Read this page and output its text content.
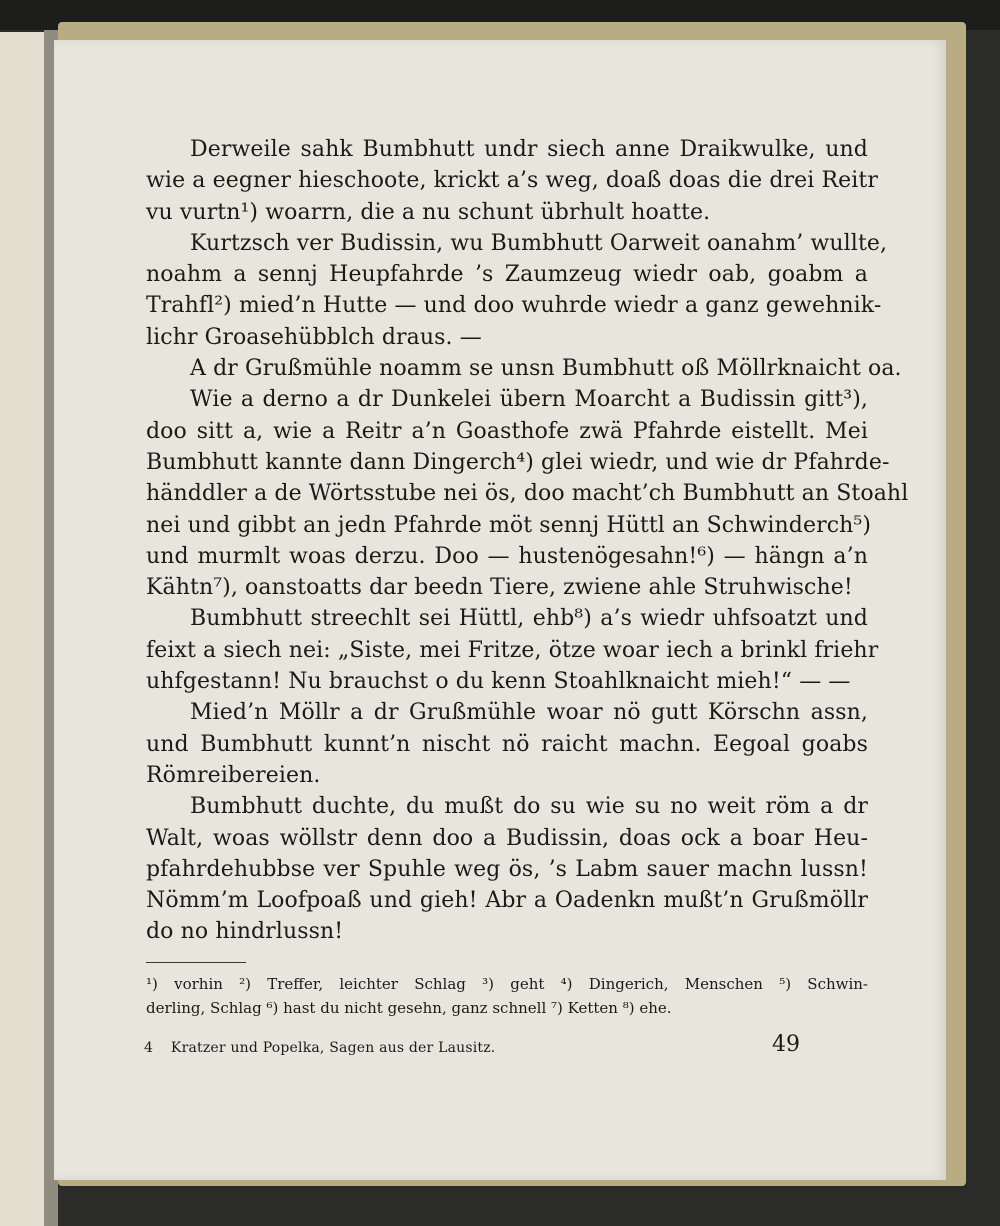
Derweile sahk Bumbhutt undr siech anne Draikwulke, und
wie a eegner hieschoote, krickt a’s weg, doaß doas die drei Reitr
vu vurtn¹) woarrn, die a nu schunt übrhult hoatte.
Kurtzsch ver Budissin, wu Bumbhutt Oarweit oanahm’ wullte,
noahm a sennj Heupfahrde ’s Zaumzeug wiedr oab, goabm a
Trahfl²) mied’n Hutte — und doo wuhrde wiedr a ganz gewehnik-
lichr Groasehübblch draus. —
A dr Grußmühle noamm se unsn Bumbhutt oß Möllrknaicht oa.
Wie a derno a dr Dunkelei übern Moarcht a Budissin gitt³),
doo sitt a, wie a Reitr a’n Goasthofe zwä Pfahrde eistellt. Mei
Bumbhutt kannte dann Dingerch⁴) glei wiedr, und wie dr Pfahrde-
händdler a de Wörtsstube nei ös, doo macht’ch Bumbhutt an Stoahl
nei und gibbt an jedn Pfahrde möt sennj Hüttl an Schwinderch⁵)
und murmlt woas derzu. Doo — hustenögesahn!⁶) — hängn a’n
Kähtn⁷), oanstoatts dar beedn Tiere, zwiene ahle Struhwische!
Bumbhutt streechlt sei Hüttl, ehb⁸) a’s wiedr uhfsoatzt und
feixt a siech nei: „Siste, mei Fritze, ötze woar iech a brinkl friehr
uhfgestann! Nu brauchst o du kenn Stoahlknaicht mieh!“ — —
Mied’n Möllr a dr Grußmühle woar nö gutt Körschn assn,
und Bumbhutt kunnt’n nischt nö raicht machn. Eegoal goabs
Römreibereien.
Bumbhutt duchte, du mußt do su wie su no weit röm a dr
Walt, woas wöllstr denn doo a Budissin, doas ock a boar Heu-
pfahrdehubbse ver Spuhle weg ös, ’s Labm sauer machn lussn!
Nömm’m Loofpoaß und gieh! Abr a Oadenkn mußt’n Grußmöllr
do no hindrlussn!
¹) vorhin ²) Treffer, leichter Schlag ³) geht ⁴) Dingerich, Menschen ⁵) Schwin-
derling, Schlag ⁶) hast du nicht gesehn, ganz schnell ⁷) Ketten ⁸) ehe.
4 Kratzer und Popelka, Sagen aus der Lausitz.	49
